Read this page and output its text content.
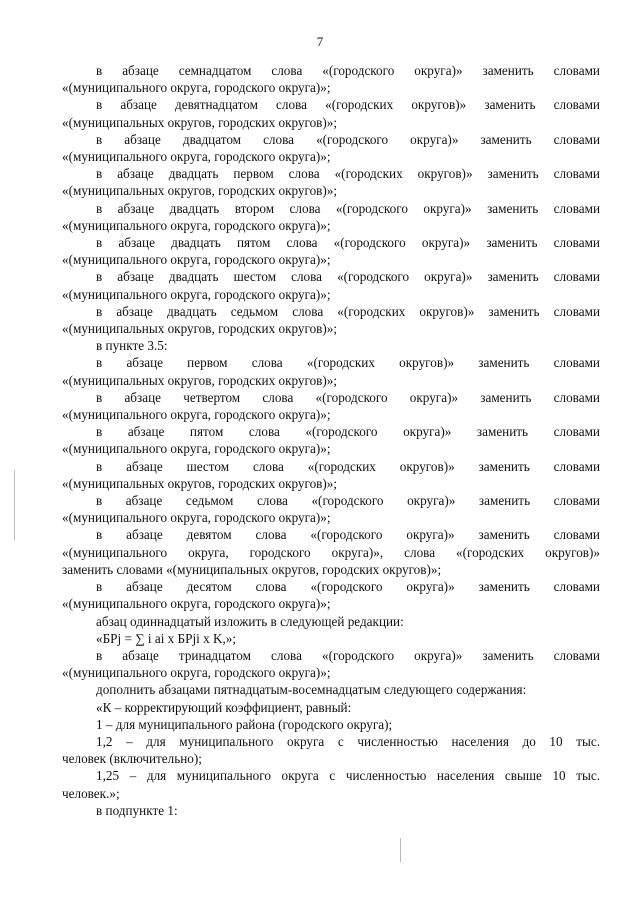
7
в абзаце семнадцатом слова «(городского округа)» заменить словами
«(муниципального округа, городского округа)»;
в абзаце девятнадцатом слова «(городских округов)» заменить словами
«(муниципальных округов, городских округов)»;
в абзаце двадцатом слова «(городского округа)» заменить словами
«(муниципального округа, городского округа)»;
в абзаце двадцать первом слова «(городских округов)» заменить словами
«(муниципальных округов, городских округов)»;
в абзаце двадцать втором слова «(городского округа)» заменить словами
«(муниципального округа, городского округа)»;
в абзаце двадцать пятом слова «(городского округа)» заменить словами
«(муниципального округа, городского округа)»;
в абзаце двадцать шестом слова «(городского округа)» заменить словами
«(муниципального округа, городского округа)»;
в абзаце двадцать седьмом слова «(городских округов)» заменить словами
«(муниципальных округов, городских округов)»;
в пункте 3.5:
в абзаце первом слова «(городских округов)» заменить словами
«(муниципальных округов, городских округов)»;
в абзаце четвертом слова «(городского округа)» заменить словами
«(муниципального округа, городского округа)»;
в абзаце пятом слова «(городского округа)» заменить словами
«(муниципального округа, городского округа)»;
в абзаце шестом слова «(городских округов)» заменить словами
«(муниципальных округов, городских округов)»;
в абзаце седьмом слова «(городского округа)» заменить словами
«(муниципального округа, городского округа)»;
в абзаце девятом слова «(городского округа)» заменить словами
«(муниципального округа, городского округа)», слова «(городских округов)»
заменить словами «(муниципальных округов, городских округов)»;
в абзаце десятом слова «(городского округа)» заменить словами
«(муниципального округа, городского округа)»;
абзац одиннадцатый изложить в следующей редакции:
«БРj = ∑ i ai x БРji x K,»;
в абзаце тринадцатом слова «(городского округа)» заменить словами
«(муниципального округа, городского округа)»;
дополнить абзацами пятнадцатым-восемнадцатым следующего содержания:
«К – корректирующий коэффициент, равный:
1 – для муниципального района (городского округа);
1,2 – для муниципального округа с численностью населения до 10 тыс.
человек (включительно);
1,25 – для муниципального округа с численностью населения свыше 10 тыс.
человек.»;
в подпункте 1:
